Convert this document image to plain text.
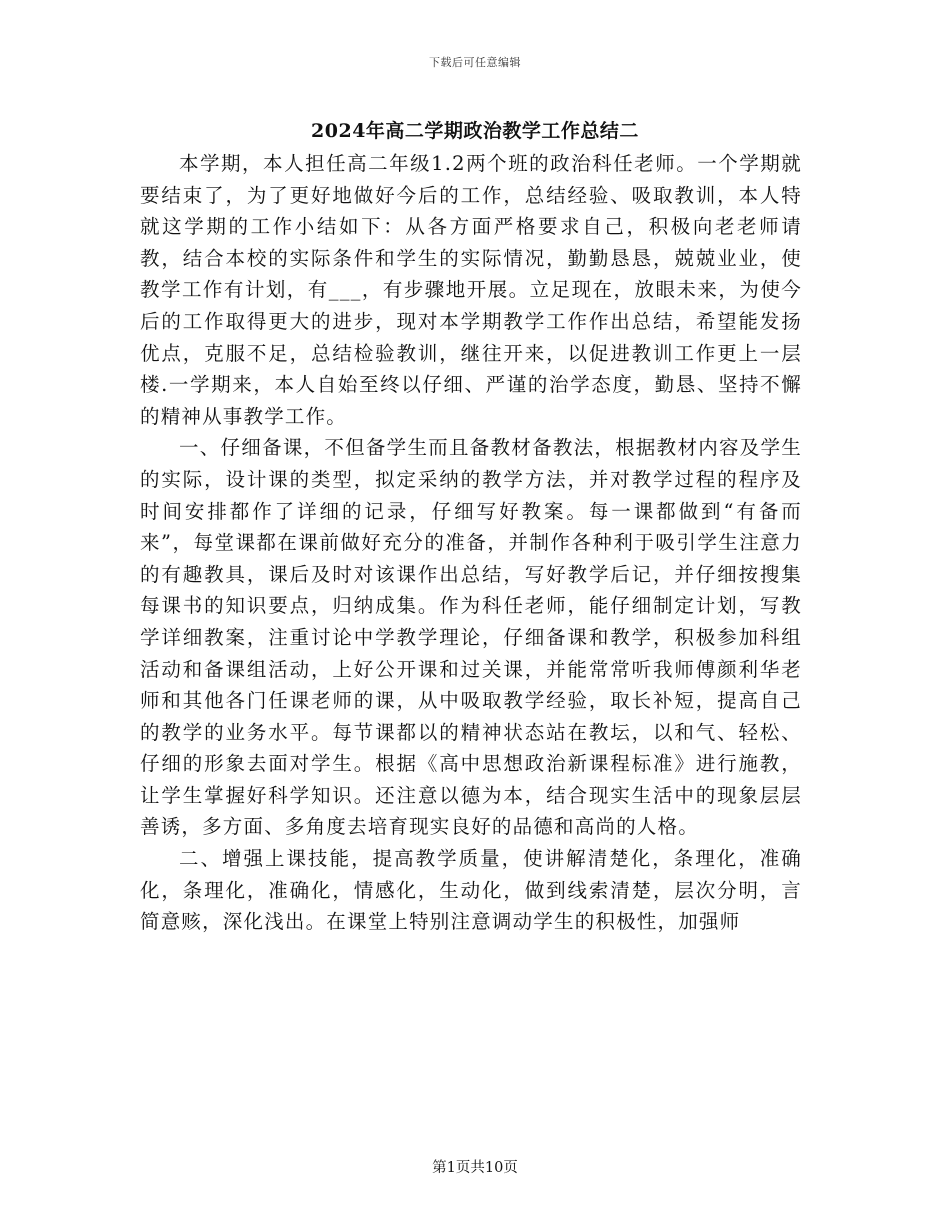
下载后可任意编辑
2024年高二学期政治教学工作总结二

本学期，本人担任高二年级1.2两个班的政治科任老师。一个学期就要结束了，为了更好地做好今后的工作，总结经验、吸取教训，本人特就这学期的工作小结如下：从各方面严格要求自己，积极向老老师请教，结合本校的实际条件和学生的实际情况，勤勤恳恳，兢兢业业，使教学工作有计划，有___，有步骤地开展。立足现在，放眼未来，为使今后的工作取得更大的进步，现对本学期教学工作作出总结，希望能发扬优点，克服不足，总结检验教训，继往开来，以促进教训工作更上一层楼.一学期来，本人自始至终以仔细、严谨的治学态度，勤恳、坚持不懈的精神从事教学工作。

一、仔细备课，不但备学生而且备教材备教法，根据教材内容及学生的实际，设计课的类型，拟定采纳的教学方法，并对教学过程的程序及时间安排都作了详细的记录，仔细写好教案。每一课都做到“有备而来”，每堂课都在课前做好充分的准备，并制作各种利于吸引学生注意力的有趣教具，课后及时对该课作出总结，写好教学后记，并仔细按搜集每课书的知识要点，归纳成集。作为科任老师，能仔细制定计划，写教学详细教案，注重讨论中学教学理论，仔细备课和教学，积极参加科组活动和备课组活动，上好公开课和过关课，并能常常听我师傅颜利华老师和其他各门任课老师的课，从中吸取教学经验，取长补短，提高自己的教学的业务水平。每节课都以的精神状态站在教坛，以和气、轻松、仔细的形象去面对学生。根据《高中思想政治新课程标准》进行施教，让学生掌握好科学知识。还注意以德为本，结合现实生活中的现象层层善诱，多方面、多角度去培育现实良好的品德和高尚的人格。

二、增强上课技能，提高教学质量，使讲解清楚化，条理化，准确化，条理化，准确化，情感化，生动化，做到线索清楚，层次分明，言简意赅，深化浅出。在课堂上特别注意调动学生的积极性，加强师

第1页共10页
